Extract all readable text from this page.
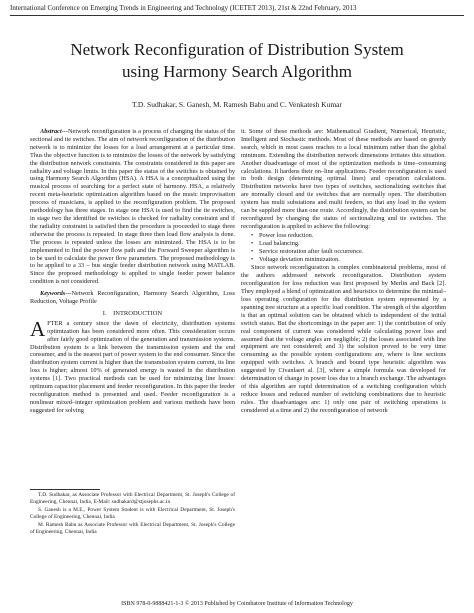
International Conference on Emerging Trends in Engineering and Technology (ICETET 2013), 21st & 22nd February, 2013
Network Reconfiguration of Distribution System
using Harmony Search Algorithm
T.D. Sudhakar, S. Ganesh, M. Ramesh Babu and C. Venkatesh Kumar

Abstract---Network reconfiguration is a process of changing the status of the sectional and tie switches. The aim of network reconfiguration of the distribution network is to minimize the losses for a load arrangement at a particular time. Thus the objective function is to minimize the losses of the network by satisfying the distribution network constraints. The constraints considered in this paper are radiality and voltage limits. In this paper the status of the switches is obtained by using Harmony Search Algorithm (HSA). A HSA is a conceptualized using the musical process of searching for a perfect state of harmony. HSA, a relatively recent meta-heuristic optimization algorithm based on the music improvisation process of musicians, is applied to the reconfiguration problem. The proposed methodology has three stages. In stage one HSA is used to find the tie switches, in stage two the identified tie switches is checked for radiality constraint and if the radiality constraint is satisfied then the procedure is proceeded to stage three otherwise the process is repeated. In stage three then load flow analysis is done. The process is repeated unless the losses are minimized. The HSA is to be implemented to find the power flow path and the Forward Sweeper algorithm is to be used to calculate the power flow parameters. The proposed methodology is to be applied to a 33 – bus single feeder distribution network using MATLAB. Since the proposed methodology is applied to single feeder power balance condition is not considered.

Keywords---Network Reconfiguration, Harmony Search Algorithm, Loss Reduction, Voltage Profile

I. INTRODUCTION

AFTER a century since the dawn of electricity, distribution systems optimization has been considered more often. This consideration occurs after fairly good optimization of the generation and transmission systems. Distribution system is a link between the transmission system and the end consumer, and is the nearest part of power system to the end consumer. Since the distribution system current is higher than the transmission system current, its line loss is higher; almost 10% of generated energy is wasted in the distribution systems [1]. Two practical methods can be used for minimizing line losses: optimum capacitor placement and feeder reconfiguration. In this paper the feeder reconfiguration method is presented and used. Feeder reconfiguration is a nonlinear mixed–integer optimization problem and various methods have been suggested for solving

T.D. Sudhakar, as Associate Professor with Electrical Department, St. Joseph's College of Engineering, Chennai, India, E-Mail: sudhakard@stjosephs.ac.in

S. Ganesh is a M.E., Power System Student is with Electrical Department, St. Joseph's College of Engineering, Chennai, India

M. Ramesh Babu as Associate Professor with Electrical Department, St. Joseph's College of Engineering, Chennai, India

it. Some of these methods are: Mathematical Gradient, Numerical, Heuristic, Intelligent and Stochastic methods. Most of these methods are based on greedy search, which in most cases reaches to a local minimum rather than the global minimum. Extending the distribution network dimensions irritates this situation. Another disadvantage of most of the optimization methods is time–consuming calculations. It hardens their on–line applications. Feeder reconfiguration is used in both design (determining optimal lines) and operation calculations. Distribution networks have two types of switches, sectionalizing switches that are normally closed and tie switches that are normally open. The distribution system has multi substations and multi feeders, so that any load in the system can be supplied more than one route. Accordingly, the distribution system can be reconfigured by changing the status of sectionalizing and tie switches. The reconfiguration is applied to achieve the following:

• Power loss reduction.
• Load balancing.
• Service restoration after fault occurrence.
• Voltage deviation minimization.

Since network reconfiguration is complex combinatorial problems, most of the authors addressed network reconfiguration. Distribution system reconfiguration for loss reduction was first proposed by Merlin and Back [2]. They employed a blend of optimization and heuristics to determine the minimal–loss operating configuration for the distribution system represented by a spanning tree structure at a specific load condition. The strength of the algorithm is that an optimal solution can be obtained which is independent of the initial switch status. But the shortcomings in the paper are: 1) the contribution of only real component of current was considered while calculating power loss and assumed that the voltage angles are negligible; 2) the losses associated with line equipment are not considered; and 3) the solution proved to be very time consuming as the possible system configurations are, where is line sections equipped with switches. A branch and bound type heuristic algorithm was suggested by Civanlaert al. [3], where a simple formula was developed for determination of change in power loss due to a branch exchange. The advantages of this algorithm are rapid determination of a switching configuration which reduce losses and reduced number of switching combinations due to heuristic rules. The disadvantages are: 1) only one pair of switching operations is considered at a time and 2) the reconfiguration of network

ISBN 978-0-9888421-1-3 © 2013 Published by Coimbatore Institute of Information Technology
